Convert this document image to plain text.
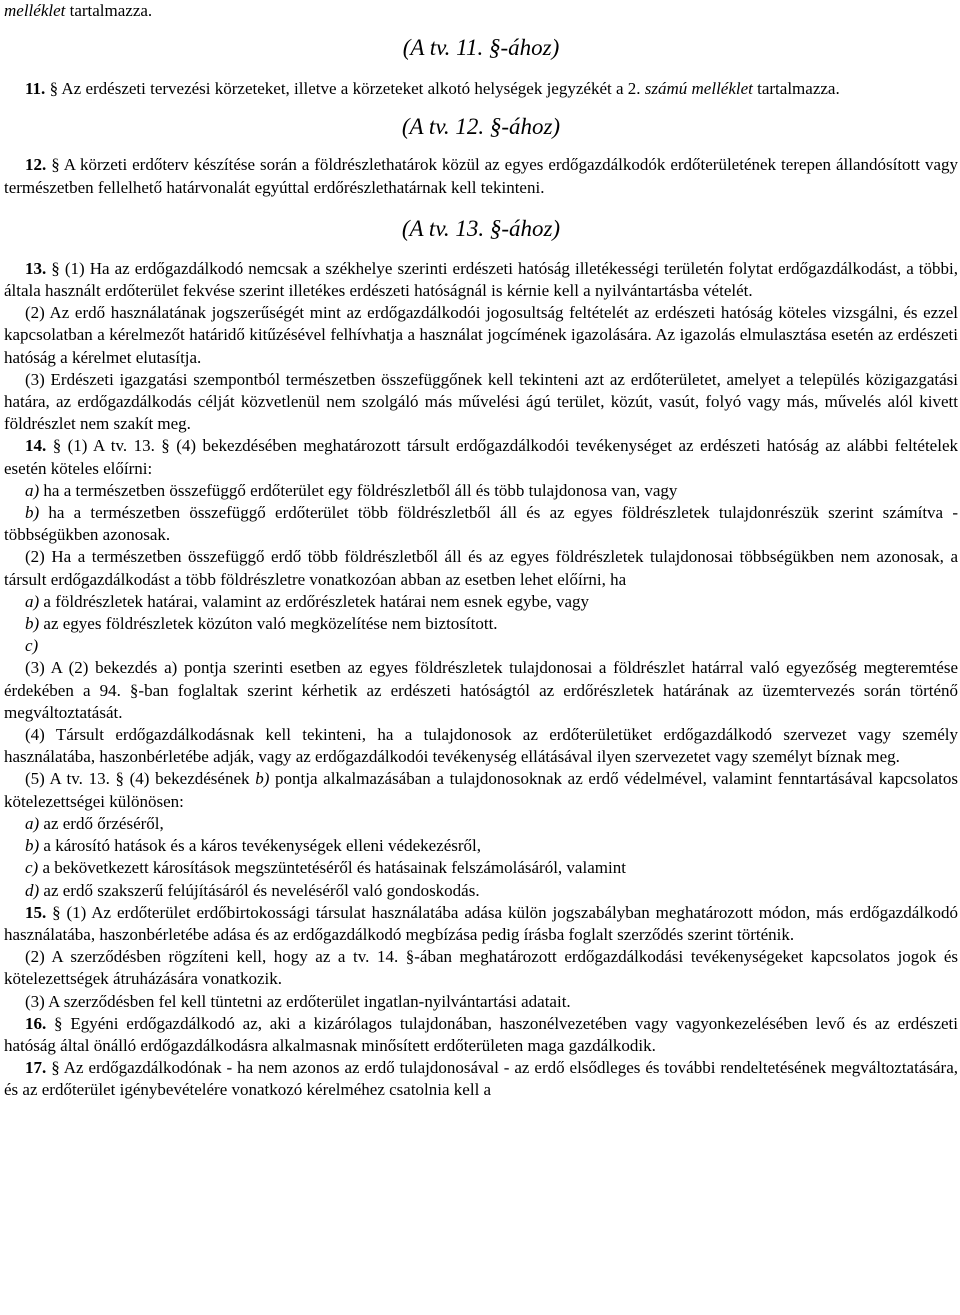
melléklet tartalmazza.

(A tv. 11. §-ához)

11. § Az erdészeti tervezési körzeteket, illetve a körzeteket alkotó helységek jegyzékét a 2. számú melléklet tartalmazza.

(A tv. 12. §-ához)

12. § A körzeti erdőterv készítése során a földrészlethatárok közül az egyes erdőgazdálkodók erdőterületének terepen állandósított vagy természetben fellelhető határvonalát egyúttal erdőrészlethatárnak kell tekinteni.

(A tv. 13. §-ához)

13. § (1) Ha az erdőgazdálkodó nemcsak a székhelye szerinti erdészeti hatóság illetékességi területén folytat erdőgazdálkodást, a többi, általa használt erdőterület fekvése szerint illetékes erdészeti hatóságnál is kérnie kell a nyilvántartásba vételét.

(2) Az erdő használatának jogszerűségét mint az erdőgazdálkodói jogosultság feltételét az erdészeti hatóság köteles vizsgálni, és ezzel kapcsolatban a kérelmezőt határidő kitűzésével felhívhatja a használat jogcímének igazolására. Az igazolás elmulasztása esetén az erdészeti hatóság a kérelmet elutasítja.

(3) Erdészeti igazgatási szempontból természetben összefüggőnek kell tekinteni azt az erdőterületet, amelyet a település közigazgatási határa, az erdőgazdálkodás célját közvetlenül nem szolgáló más művelési ágú terület, közút, vasút, folyó vagy más, művelés alól kivett földrészlet nem szakít meg.

14. § (1) A tv. 13. § (4) bekezdésében meghatározott társult erdőgazdálkodói tevékenységet az erdészeti hatóság az alábbi feltételek esetén köteles előírni:

a) ha a természetben összefüggő erdőterület egy földrészletből áll és több tulajdonosa van, vagy

b) ha a természetben összefüggő erdőterület több földrészletből áll és az egyes földrészletek tulajdonrészük szerint számítva - többségükben azonosak.

(2) Ha a természetben összefüggő erdő több földrészletből áll és az egyes földrészletek tulajdonosai többségükben nem azonosak, a társult erdőgazdálkodást a több földrészletre vonatkozóan abban az esetben lehet előírni, ha

a) a földrészletek határai, valamint az erdőrészletek határai nem esnek egybe, vagy

b) az egyes földrészletek közúton való megközelítése nem biztosított.

c)

(3) A (2) bekezdés a) pontja szerinti esetben az egyes földrészletek tulajdonosai a földrészlet határral való egyezőség megteremtése érdekében a 94. §-ban foglaltak szerint kérhetik az erdészeti hatóságtól az erdőrészletek határának az üzemtervezés során történő megváltoztatását.

(4) Társult erdőgazdálkodásnak kell tekinteni, ha a tulajdonosok az erdőterületüket erdőgazdálkodó szervezet vagy személy használatába, haszonbérletébe adják, vagy az erdőgazdálkodói tevékenység ellátásával ilyen szervezetet vagy személyt bíznak meg.

(5) A tv. 13. § (4) bekezdésének b) pontja alkalmazásában a tulajdonosoknak az erdő védelmével, valamint fenntartásával kapcsolatos kötelezettségei különösen:

a) az erdő őrzéséről,

b) a károsító hatások és a káros tevékenységek elleni védekezésről,

c) a bekövetkezett károsítások megszüntetéséről és hatásainak felszámolásáról, valamint

d) az erdő szakszerű felújításáról és neveléséről való gondoskodás.

15. § (1) Az erdőterület erdőbirtokossági társulat használatába adása külön jogszabályban meghatározott módon, más erdőgazdálkodó használatába, haszonbérletébe adása és az erdőgazdálkodó megbízása pedig írásba foglalt szerződés szerint történik.

(2) A szerződésben rögzíteni kell, hogy az a tv. 14. §-ában meghatározott erdőgazdálkodási tevékenységeket kapcsolatos jogok és kötelezettségek átruházására vonatkozik.

(3) A szerződésben fel kell tüntetni az erdőterület ingatlan-nyilvántartási adatait.

16. § Egyéni erdőgazdálkodó az, aki a kizárólagos tulajdonában, haszonélvezetében vagy vagyonkezelésében levő és az erdészeti hatóság által önálló erdőgazdálkodásra alkalmasnak minősített erdőterületen maga gazdálkodik.

17. § Az erdőgazdálkodónak - ha nem azonos az erdő tulajdonosával - az erdő elsődleges és további rendeltetésének megváltoztatására, és az erdőterület igénybevételére vonatkozó kérelméhez csatolnia kell a
